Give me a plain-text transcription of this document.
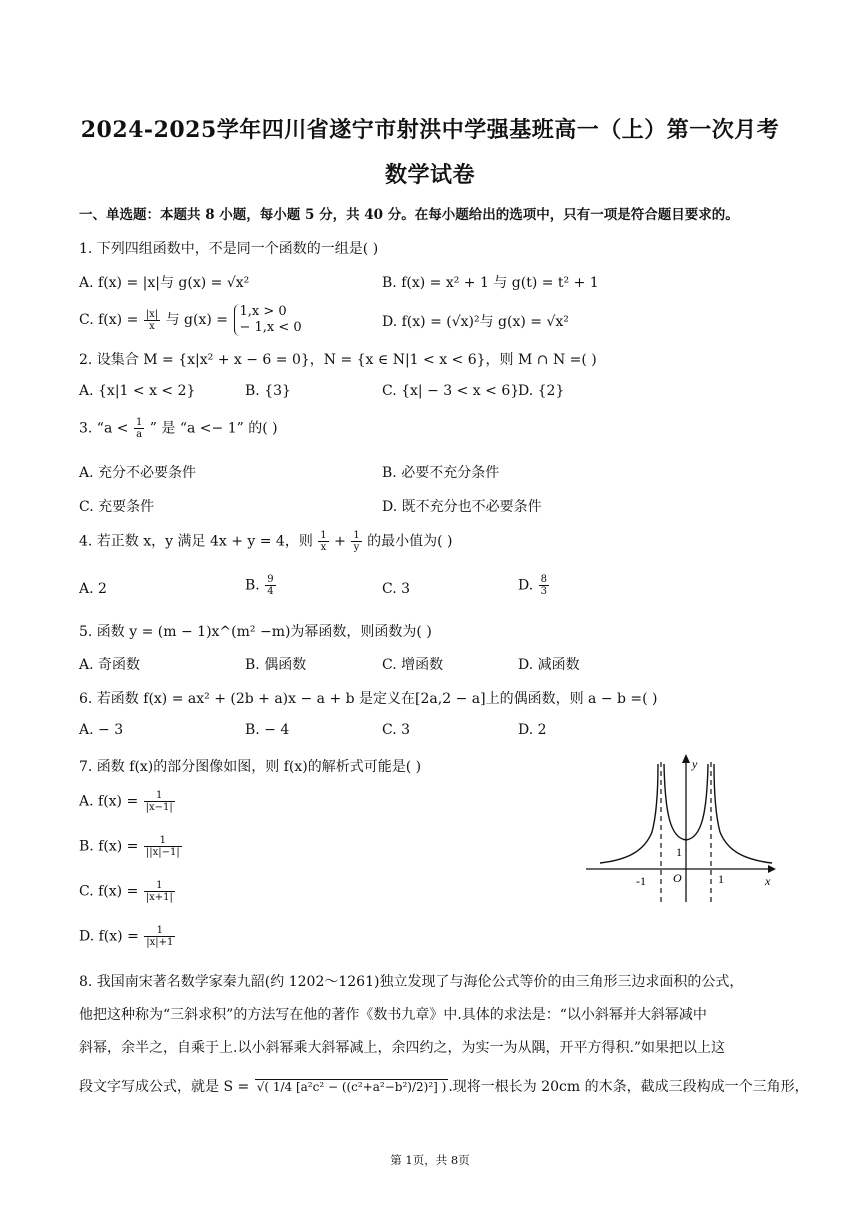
2024-2025学年四川省遂宁市射洪中学强基班高一（上）第一次月考
数学试卷
一、单选题：本题共 8 小题，每小题 5 分，共 40 分。在每小题给出的选项中，只有一项是符合题目要求的。
1. 下列四组函数中，不是同一个函数的一组是( )
A. f(x) = |x|与 g(x) = √x²	B. f(x) = x² + 1 与 g(t) = t² + 1
C. $f(x) = \frac{|x|}{x}$ 与 g(x) =
1,x > 0
− 1,x < 0	D. f(x) = (√x)²与 g(x) = √x²
2. 设集合 M = {x|x² + x − 6 = 0}，N = {x ∈ N|1 < x < 6}，则 M ∩ N =( )
A. {x|1 < x < 2}	B. {3}	C. {x| − 3 < x < 6}
D. {2}
3. “$a < \frac{1}{a}$ ” 是 “a <− 1” 的( )
A. 充分不必要条件	B. 必要不充分条件
C. 充要条件	D. 既不充分也不必要条件
4. 若正数 x，y 满足 4x + y = 4，则 $\frac{1}{x} + \frac{1}{y}$ 的最小值为( )
A. 2	B. $\frac{9}{4}$	C. 3	D. $\frac{8}{3}$
5. 函数 y = (m − 1)x^(m² −m)为幂函数，则函数为( )
A. 奇函数	B. 偶函数	C. 增函数	D. 减函数
6. 若函数 f(x) = ax² + (2b + a)x − a + b 是定义在[2a,2 − a]上的偶函数，则 a − b =( )
A. − 3	B. − 4	C. 3	D. 2
7. 函数 f(x)的部分图像如图，则 f(x)的解析式可能是( )
A. $f(x) = \frac{1}{|x-1|}$
B. $f(x) = \frac{1}{||x|-1|}$
C. $f(x) = \frac{1}{|x+1|}$
D. $f(x) = \frac{1}{|x|+1}$
y
x
O
1
-1	1
8. 我国南宋著名数学家秦九韶(约 1202～1261)独立发现了与海伦公式等价的由三角形三边求面积的公式，
他把这种称为“三斜求积”的方法写在他的著作《数书九章》中.具体的求法是：“以小斜幂并大斜幂减中
斜幂，余半之，自乘于上.以小斜幂乘大斜幂减上，余四约之，为实一为从隅，开平方得积.”如果把以上这
段文字写成公式，就是 S = √( 1/4 [a²c² − ((c²+a²−b²)/2)²] ) .现将一根长为 20cm 的木条，截成三段构成一个三角形，
第 1页，共 8页
